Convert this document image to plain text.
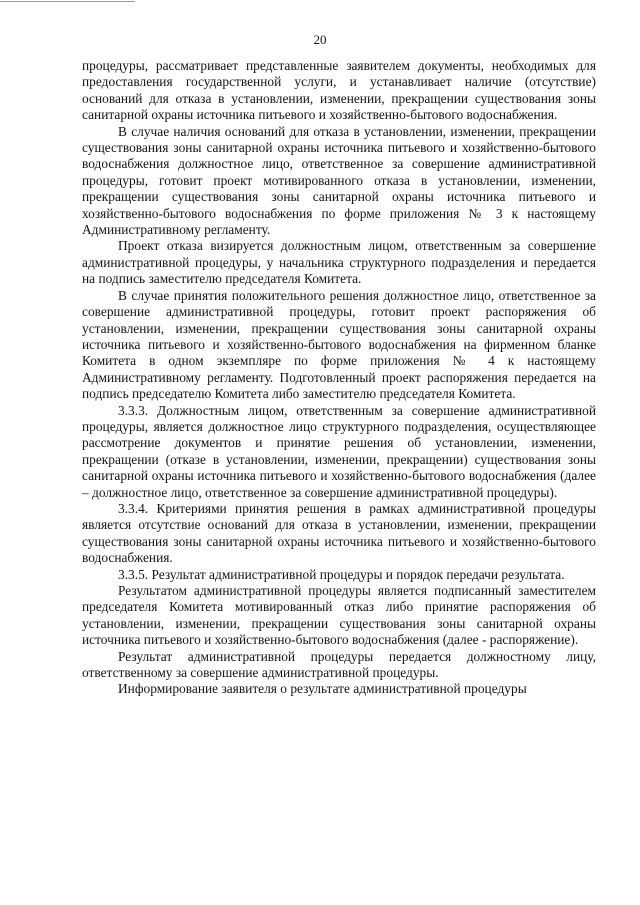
20

процедуры, рассматривает представленные заявителем документы, необходимых для предоставления государственной услуги, и устанавливает наличие (отсутствие) оснований для отказа в установлении, изменении, прекращении существования зоны санитарной охраны источника питьевого и хозяйственно-бытового водоснабжения.

В случае наличия оснований для отказа в установлении, изменении, прекращении существования зоны санитарной охраны источника питьевого и хозяйственно-бытового водоснабжения должностное лицо, ответственное за совершение административной процедуры, готовит проект мотивированного отказа в установлении, изменении, прекращении существования зоны санитарной охраны источника питьевого и хозяйственно-бытового водоснабжения по форме приложения № 3 к настоящему Административному регламенту.

Проект отказа визируется должностным лицом, ответственным за совершение административной процедуры, у начальника структурного подразделения и передается на подпись заместителю председателя Комитета.

В случае принятия положительного решения должностное лицо, ответственное за совершение административной процедуры, готовит проект распоряжения об установлении, изменении, прекращении существования зоны санитарной охраны источника питьевого и хозяйственно-бытового водоснабжения на фирменном бланке Комитета в одном экземпляре по форме приложения № 4 к настоящему Административному регламенту. Подготовленный проект распоряжения передается на подпись председателю Комитета либо заместителю председателя Комитета.

3.3.3. Должностным лицом, ответственным за совершение административной процедуры, является должностное лицо структурного подразделения, осуществляющее рассмотрение документов и принятие решения об установлении, изменении, прекращении (отказе в установлении, изменении, прекращении) существования зоны санитарной охраны источника питьевого и хозяйственно-бытового водоснабжения (далее – должностное лицо, ответственное за совершение административной процедуры).

3.3.4. Критериями принятия решения в рамках административной процедуры является отсутствие оснований для отказа в установлении, изменении, прекращении существования зоны санитарной охраны источника питьевого и хозяйственно-бытового водоснабжения.

3.3.5. Результат административной процедуры и порядок передачи результата.

Результатом административной процедуры является подписанный заместителем председателя Комитета мотивированный отказ либо принятие распоряжения об установлении, изменении, прекращении существования зоны санитарной охраны источника питьевого и хозяйственно-бытового водоснабжения (далее - распоряжение).

Результат административной процедуры передается должностному лицу, ответственному за совершение административной процедуры.

Информирование заявителя о результате административной процедуры
